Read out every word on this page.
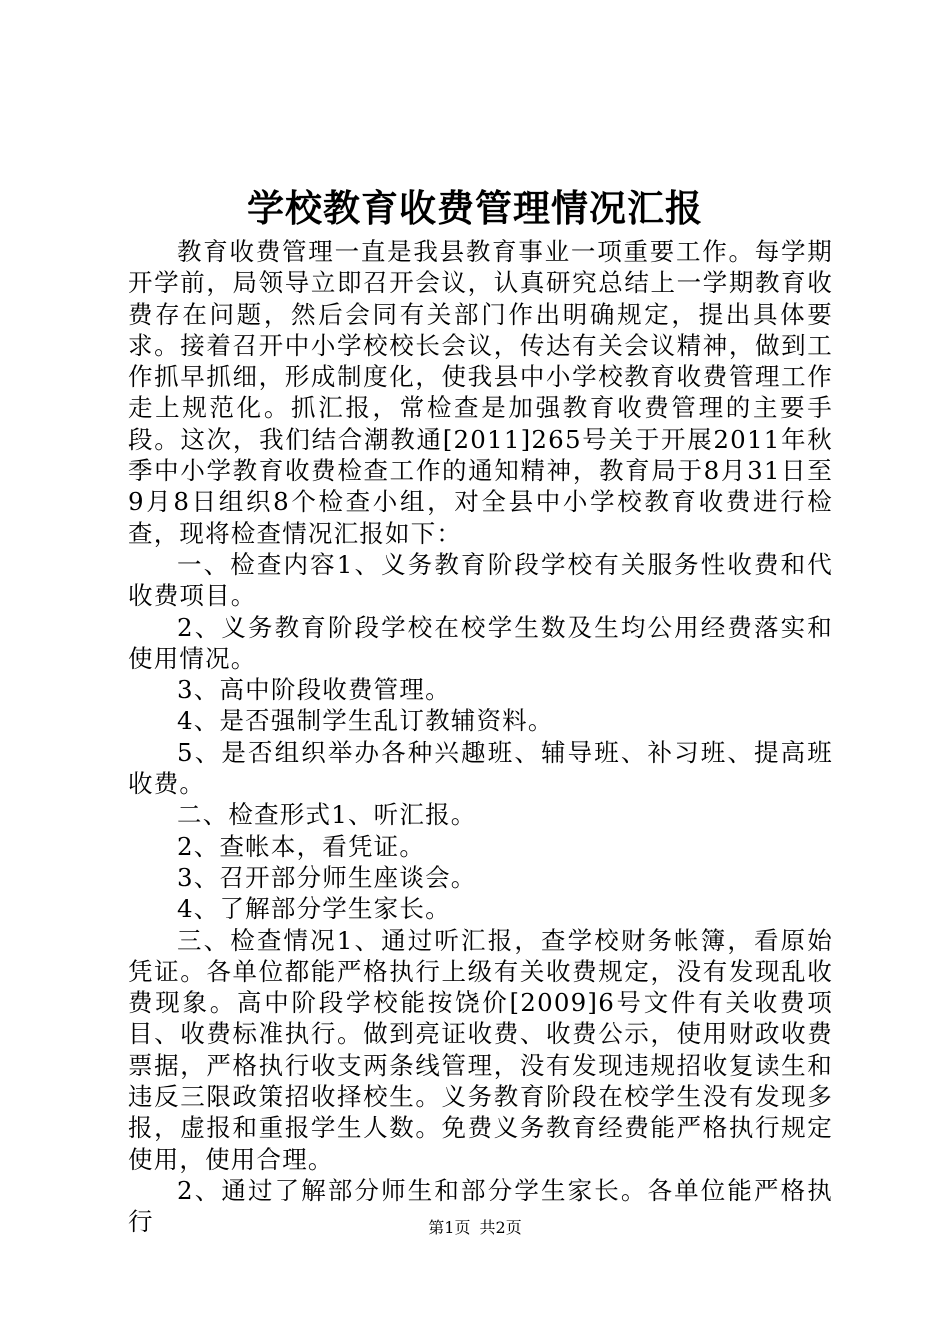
学校教育收费管理情况汇报

教育收费管理一直是我县教育事业一项重要工作。每学期开学前，局领导立即召开会议，认真研究总结上一学期教育收费存在问题，然后会同有关部门作出明确规定，提出具体要求。接着召开中小学校校长会议，传达有关会议精神，做到工作抓早抓细，形成制度化，使我县中小学校教育收费管理工作走上规范化。抓汇报，常检查是加强教育收费管理的主要手段。这次，我们结合潮教通[2011]265号关于开展2011年秋季中小学教育收费检查工作的通知精神，教育局于8月31日至9月8日组织8个检查小组，对全县中小学校教育收费进行检查，现将检查情况汇报如下：

一、检查内容1、义务教育阶段学校有关服务性收费和代收费项目。

2、义务教育阶段学校在校学生数及生均公用经费落实和使用情况。

3、高中阶段收费管理。

4、是否强制学生乱订教辅资料。

5、是否组织举办各种兴趣班、辅导班、补习班、提高班收费。

二、检查形式1、听汇报。

2、查帐本，看凭证。

3、召开部分师生座谈会。

4、了解部分学生家长。

三、检查情况1、通过听汇报，查学校财务帐簿，看原始凭证。各单位都能严格执行上级有关收费规定，没有发现乱收费现象。高中阶段学校能按饶价[2009]6号文件有关收费项目、收费标准执行。做到亮证收费、收费公示，使用财政收费票据，严格执行收支两条线管理，没有发现违规招收复读生和违反三限政策招收择校生。义务教育阶段在校学生没有发现多报，虚报和重报学生人数。免费义务教育经费能严格执行规定使用，使用合理。

2、通过了解部分师生和部分学生家长。各单位能严格执行	第1页 共2页
